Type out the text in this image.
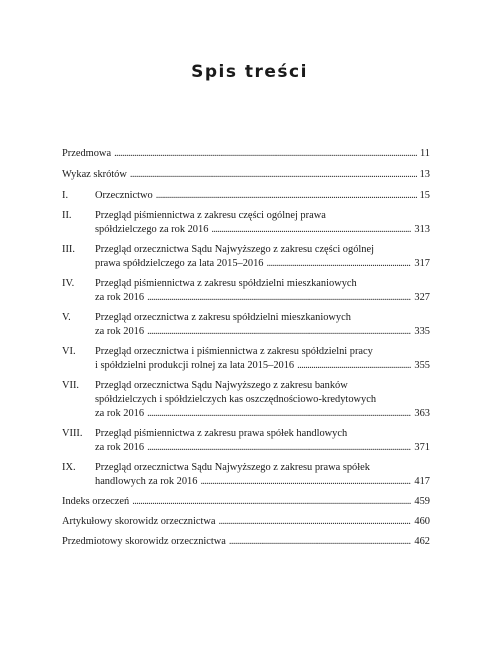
Spis treści
Przedmowa . . .	11
Wykaz skrótów . . .	13
I.	Orzecznictwo . . .	15
II.	Przegląd piśmiennictwa z zakresu części ogólnej prawa
spółdzielczego za rok 2016 . . .	313
III.	Przegląd orzecznictwa Sądu Najwyższego z zakresu części ogólnej
prawa spółdzielczego za lata 2015–2016 . . .	317
IV.	Przegląd piśmiennictwa z zakresu spółdzielni mieszkaniowych
za rok 2016 . . .	327
V.	Przegląd orzecznictwa z zakresu spółdzielni mieszkaniowych
za rok 2016 . . .	335
VI.	Przegląd orzecznictwa i piśmiennictwa z zakresu spółdzielni pracy
i spółdzielni produkcji rolnej za lata 2015–2016 . . .	355
VII.	Przegląd orzecznictwa Sądu Najwyższego z zakresu banków
spółdzielczych i spółdzielczych kas oszczędnościowo-kredytowych
za rok 2016 . . .	363
VIII.	Przegląd piśmiennictwa z zakresu prawa spółek handlowych
za rok 2016 . . .	371
IX.	Przegląd orzecznictwa Sądu Najwyższego z zakresu prawa spółek
handlowych za rok 2016 . . .	417
Indeks orzeczeń . . .	459
Artykułowy skorowidz orzecznictwa . . .	460
Przedmiotowy skorowidz orzecznictwa . . .	462
